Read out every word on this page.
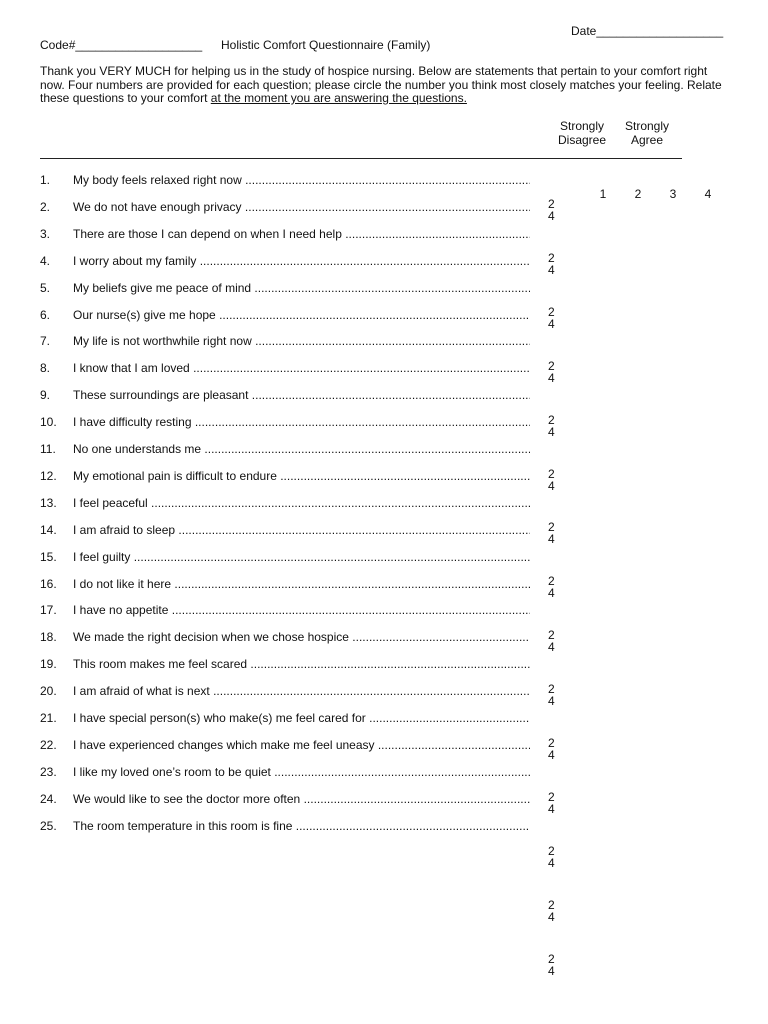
Date___________________
Code#___________________ Holistic Comfort Questionnaire (Family)
Thank you VERY MUCH for helping us in the study of hospice nursing. Below are statements that pertain to your comfort right now. Four numbers are provided for each question; please circle the number you think most closely matches your feeling. Relate these questions to your comfort at the moment you are answering the questions.
Strongly
Disagree
Strongly
Agree

1 2 3 4

1. My body feels relaxed right now .....
2. We do not have enough privacy .....
3. There are those I can depend on when I need help .....
4. I worry about my family .....
5. My beliefs give me peace of mind .....
6. Our nurse(s) give me hope .....
7. My life is not worthwhile right now .....
8. I know that I am loved .....
9. These surroundings are pleasant .....
10. I have difficulty resting .....
11. No one understands me .....
12. My emotional pain is difficult to endure .....
13. I feel peaceful .....
14. I am afraid to sleep .....
15. I feel guilty .....
16. I do not like it here .....
17. I have no appetite .....
18. We made the right decision when we chose hospice .....
19. This room makes me feel scared .....
20. I am afraid of what is next .....
21. I have special person(s) who make(s) me feel cared for .....
22. I have experienced changes which make me feel uneasy .....
23. I like my loved one’s room to be quiet .....
24. We would like to see the doctor more often .....
25. The room temperature in this room is fine .....
2
4
2
4
2
4
2
4
2
4
2
4
2
4
2
4
2
4
2
4
2
4
2
4
2
4
2
4
2
4
